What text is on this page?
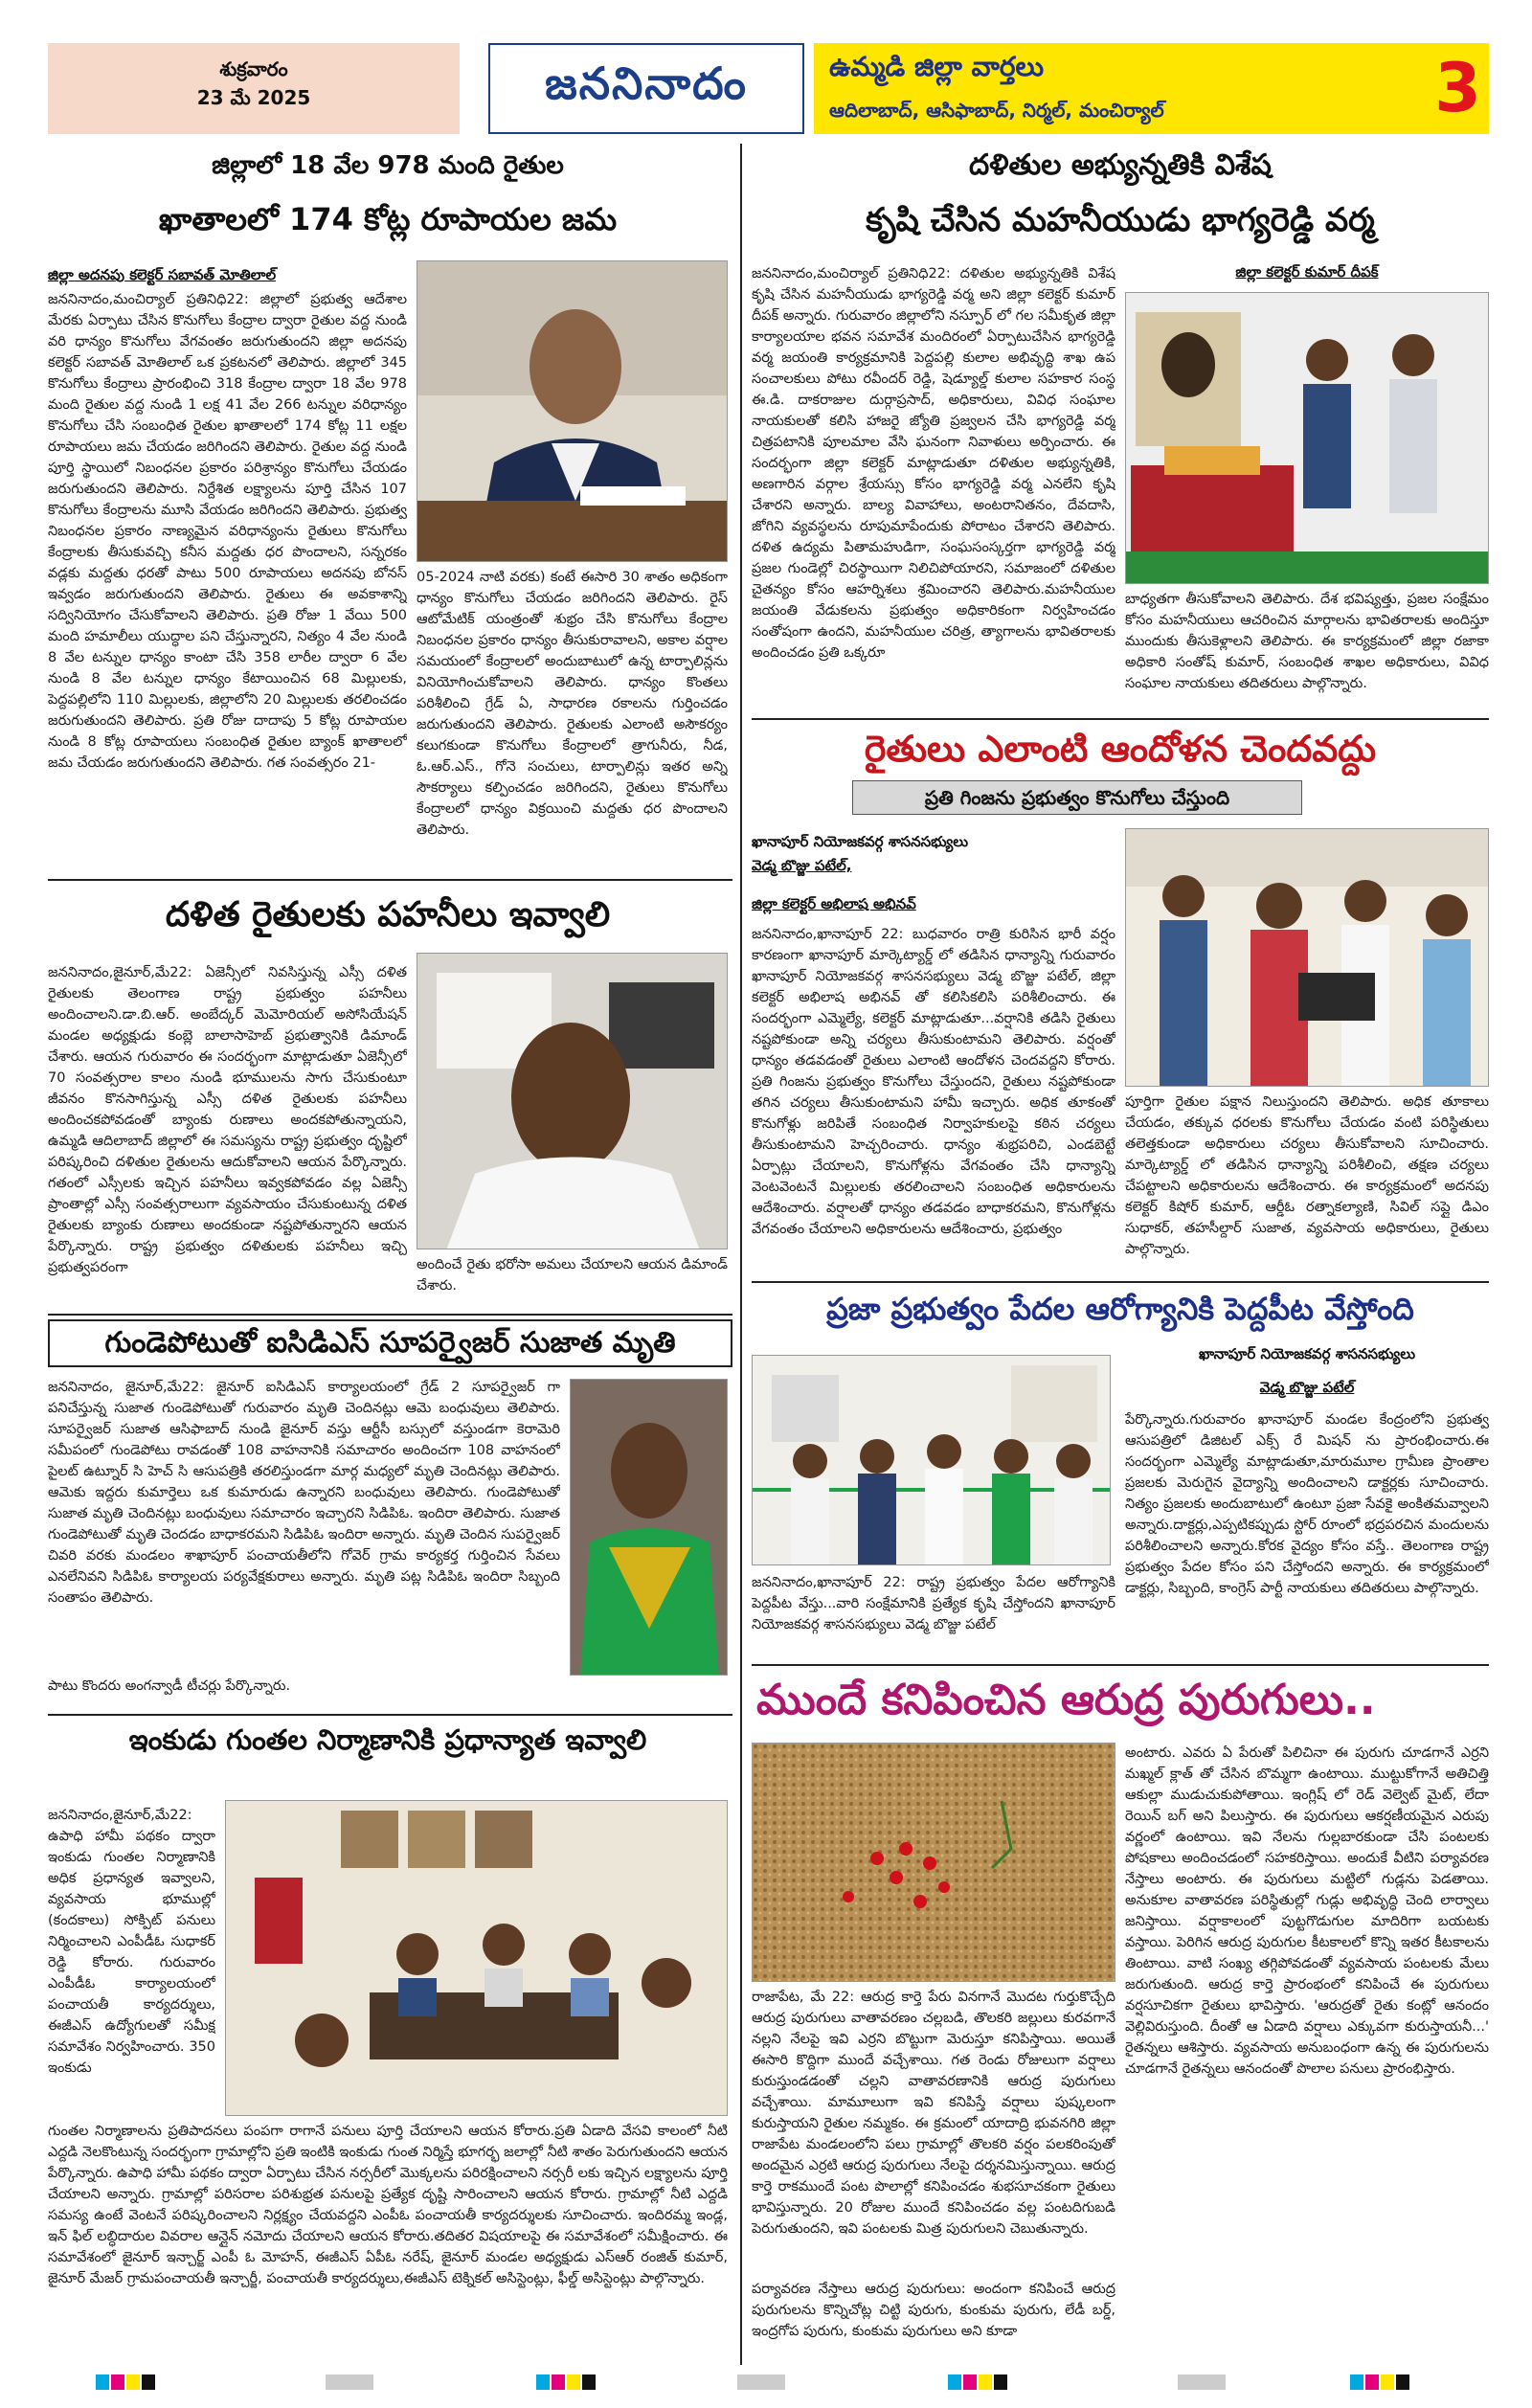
శుక్రవారం
23 మే 2025	జననినాదం	ఉమ్మడి జిల్లా వార్తలు
ఆదిలాబాద్, ఆసిఫాబాద్, నిర్మల్, మంచిర్యాల్	3
జిల్లాలో 18 వేల 978 మంది రైతుల
ఖాతాలలో 174 కోట్ల రూపాయల జమ
జిల్లా అదనపు కలెక్టర్ సబావత్ మోతిలాల్
జననినాదం,మంచిర్యాల్ ప్రతినిధి22: జిల్లాలో ప్రభుత్వ ఆదేశాల మేరకు ఏర్పాటు చేసిన కొనుగోలు కేంద్రాల ద్వారా రైతుల వద్ద నుండి వరి ధాన్యం కొనుగోలు వేగవంతం జరుగుతుందని జిల్లా అదనపు కలెక్టర్ సబావత్ మోతిలాల్ ఒక ప్రకటనలో తెలిపారు. జిల్లాలో 345 కొనుగోలు కేంద్రాలు ప్రారంభించి 318 కేంద్రాల ద్వారా 18 వేల 978 మంది రైతుల వద్ద నుండి 1 లక్ష 41 వేల 266 టన్నుల వరిధాన్యం కొనుగోలు చేసి సంబంధిత రైతుల ఖాతాలలో 174 కోట్ల 11 లక్షల రూపాయలు జమ చేయడం జరిగిందని తెలిపారు. రైతుల వద్ద నుండి పూర్తి స్థాయిలో నిబంధనల ప్రకారం పరిశ్రాన్యం కొనుగోలు చేయడం జరుగుతుందని తెలిపారు. నిర్దేశిత లక్ష్యాలను పూర్తి చేసిన 107 కొనుగోలు కేంద్రాలను మూసి వేయడం జరిగిందని తెలిపారు. ప్రభుత్వ నిబంధనల ప్రకారం నాణ్యమైన వరిధాన్యంను రైతులు కొనుగోలు కేంద్రాలకు తీసుకువచ్చి కనీస మద్దతు ధర పొందాలని, సన్నరకం వడ్లకు మద్దతు ధరతో పాటు 500 రూపాయలు అదనపు బోనస్ ఇవ్వడం జరుగుతుందని తెలిపారు. రైతులు ఈ అవకాశాన్ని సద్వినియోగం చేసుకోవాలని తెలిపారు. ప్రతి రోజు 1 వేయి 500 మంది హమాలీలు యుద్ధాల పని చేస్తున్నారని, నిత్యం 4 వేల నుండి 8 వేల టన్నుల ధాన్యం కాంటా చేసి 358 లారీల ద్వారా 6 వేల నుండి 8 వేల టన్నుల ధాన్యం కేటాయించిన 68 మిల్లులకు, పెద్దపల్లిలోని 110 మిల్లులకు, జిల్లాలోని 20 మిల్లులకు తరలించడం జరుగుతుందని తెలిపారు. ప్రతి రోజు దాదాపు 5 కోట్ల రూపాయల నుండి 8 కోట్ల రూపాయలు సంబంధిత రైతుల బ్యాంక్ ఖాతాలలో జమ చేయడం జరుగుతుందని తెలిపారు. గత సంవత్సరం 21-
05-2024 నాటి వరకు) కంటే ఈసారి 30 శాతం అధికంగా ధాన్యం కొనుగోలు చేయడం జరిగిందని తెలిపారు. రైస్ ఆటోమేటిక్ యంత్రంతో శుభ్రం చేసి కొనుగోలు కేంద్రాల నిబంధనల ప్రకారం ధాన్యం తీసుకురావాలని, అకాల వర్షాల సమయంలో కేంద్రాలలో అందుబాటులో ఉన్న టార్పాలిన్లను వినియోగించుకోవాలని తెలిపారు. ధాన్యం కొంతలు పరిశీలించి గ్రేడ్ ఏ, సాధారణ రకాలను గుర్తించడం జరుగుతుందని తెలిపారు. రైతులకు ఎలాంటి అసౌకర్యం కలుగకుండా కొనుగోలు కేంద్రాలలో త్రాగునీరు, నీడ, ఓ.ఆర్.ఎస్., గోనె సంచులు, టార్పాలిన్లు ఇతర అన్ని సౌకర్యాలు కల్పించడం జరిగిందని, రైతులు కొనుగోలు కేంద్రాలలో ధాన్యం విక్రయించి మద్దతు ధర పొందాలని తెలిపారు.
దళిత రైతులకు పహనీలు ఇవ్వాలి
జననినాదం,జైనూర్,మే22: ఏజెన్సీలో నివసిస్తున్న ఎస్సీ దళిత రైతులకు తెలంగాణ రాష్ట్ర ప్రభుత్వం పహనీలు అందించాలని.డా.బి.ఆర్. అంబేద్కర్ మెమోరియల్ అసోసియేషన్ మండల అధ్యక్షుడు కంబ్లె బాలాసాహెబ్ ప్రభుత్వానికి డిమాండ్ చేశారు. ఆయన గురువారం ఈ సందర్భంగా మాట్లాడుతూ ఏజెన్సీలో 70 సంవత్సరాల కాలం నుండి భూములను సాగు చేసుకుంటూ జీవనం కొనసాగిస్తున్న ఎస్సీ దళిత రైతులకు పహనీలు అందించకపోవడంతో బ్యాంకు రుణాలు అందకపోతున్నాయని, ఉమ్మడి ఆదిలాబాద్ జిల్లాలో ఈ సమస్యను రాష్ట్ర ప్రభుత్వం దృష్టిలో పరిష్కరించి దళితుల రైతులను ఆదుకోవాలని ఆయన పేర్కొన్నారు. గతంలో ఎస్సీలకు ఇచ్చిన పహనీలు ఇవ్వకపోవడం వల్ల ఏజెన్సీ ప్రాంతాల్లో ఎస్సీ సంవత్సరాలుగా వ్యవసాయం చేసుకుంటున్న దళిత రైతులకు బ్యాంకు రుణాలు అందకుండా నష్టపోతున్నారని ఆయన పేర్కొన్నారు. రాష్ట్ర ప్రభుత్వం దళితులకు పహనీలు ఇచ్చి ప్రభుత్వపరంగా	అందించే రైతు భరోసా అమలు చేయాలని ఆయన డిమాండ్ చేశారు.
గుండెపోటుతో ఐసిడిఎస్ సూపర్వైజర్ సుజాత మృతి
జననినాదం, జైనూర్,మే22: జైనూర్ ఐసిడిఎస్ కార్యాలయంలో గ్రేడ్ 2 సూపర్వైజర్ గా పనిచేస్తున్న సుజాత గుండెపోటుతో గురువారం మృతి చెందినట్లు ఆమె బంధువులు తెలిపారు. సూపర్వైజర్ సుజాత ఆసిఫాబాద్ నుండి జైనూర్ వస్తు ఆర్టీసీ బస్సులో వస్తుండగా కెరామెరి సమీపంలో గుండెపోటు రావడంతో 108 వాహనానికి సమాచారం అందించగా 108 వాహనంలో పైలట్ ఉట్నూర్ సి హెచ్ సి ఆసుపత్రికి తరలిస్తుండగా మార్గ మధ్యలో మృతి చెందినట్లు తెలిపారు. ఆమెకు ఇద్దరు కుమార్తెలు ఒక కుమారుడు ఉన్నారని బంధువులు తెలిపారు. గుండెపోటుతో సుజాత మృతి చెందినట్లు బంధువులు సమాచారం ఇచ్చారని సిడిపిఓ. ఇందిరా తెలిపారు. సుజాత గుండెపోటుతో మృతి చెందడం బాధాకరమని సిడిపిఓ ఇందిరా అన్నారు. మృతి చెందిన సుపర్వైజర్ చివరి వరకు మండలం శాఖాపూర్ పంచాయతీలోని గోవెర్ గ్రామ కార్యకర్త గుర్తించిన సేవలు ఎనలేనివని సిడిపిఓ కార్యాలయ పర్యవేక్షకురాలు అన్నారు. మృతి పట్ల సిడిపిఓ ఇందిరా సిబ్బంది సంతాపం తెలిపారు.
పాటు కొందరు అంగన్వాడీ టీచర్లు పేర్కొన్నారు.
ఇంకుడు గుంతల నిర్మాణానికి ప్రధాన్యాత ఇవ్వాలి
జననినాదం,జైనూర్,మే22: ఉపాధి హామీ పథకం ద్వారా ఇంకుడు గుంతల నిర్మాణానికి అధిక ప్రధాన్యత ఇవ్వాలని, వ్యవసాయ భూముల్లో (కందకాలు) సోక్పిట్ పనులు నిర్మించాలని ఎంపీడీఓ సుధాకర్ రెడ్డి కోరారు. గురువారం ఎంపీడీఓ కార్యాలయంలో పంచాయతీ కార్యదర్శులు, ఈజీఎస్ ఉద్యోగులతో సమీక్ష సమావేశం నిర్వహించారు. 350 ఇంకుడు
గుంతల నిర్మాణాలను ప్రతిపాదనలు పంపగా రాగానే పనులు పూర్తి చేయాలని ఆయన కోరారు.ప్రతి ఏడాది వేసవి కాలంలో నీటి ఎద్దడి నెలకొంటున్న సందర్భంగా గ్రామాల్లోని ప్రతి ఇంటికి ఇంకుడు గుంత నిర్మిస్తే భూగర్భ జలాల్లో నీటి శాతం పెరుగుతుందని ఆయన పేర్కొన్నారు. ఉపాధి హామీ పథకం ద్వారా ఏర్పాటు చేసిన నర్సరీలో మొక్కలను పరిరక్షించాలని నర్సరీ లకు ఇచ్చిన లక్ష్యాలను పూర్తి చేయాలని అన్నారు. గ్రామాల్లో పరిసరాల పరిశుభ్రత పనులపై ప్రత్యేక దృష్టి సారించాలని ఆయన కోరారు. గ్రామాల్లో నీటి ఎద్దడి సమస్య ఉంటే వెంటనే పరిష్కరించాలని నిర్లక్ష్యం చేయవద్దని ఎంపీఓ పంచాయతీ కార్యదర్శులకు సూచించారు. ఇందిరమ్మ ఇండ్ల, ఇన్ ఫిల్ లబ్ధిదారుల వివరాల ఆన్లైన్ నమోదు చేయాలని ఆయన కోరారు.తదితర విషయాలపై ఈ సమావేశంలో సమీక్షించారు. ఈ సమావేశంలో జైనూర్ ఇన్చార్జ్ ఎంపీ ఓ మోహన్, ఈజీఎస్ ఏపీఓ నరేష్, జైనూర్ మండల అధ్యక్షుడు ఎస్ఆర్ రంజిత్ కుమార్, జైనూర్ మేజర్ గ్రామపంచాయతీ ఇన్చార్జీ, పంచాయతీ కార్యదర్శులు,ఈజీఎస్ టెక్నికల్ అసిస్టెంట్లు, ఫీల్డ్ అసిస్టెంట్లు పాల్గొన్నారు.
దళితుల అభ్యున్నతికి విశేష
కృషి చేసిన మహనీయుడు భాగ్యరెడ్డి వర్మ
జననినాదం,మంచిర్యాల్ ప్రతినిధి22: దళితుల అభ్యున్నతికి విశేష కృషి చేసిన మహనీయుడు భాగ్యరెడ్డి వర్మ అని జిల్లా కలెక్టర్ కుమార్ దీపక్ అన్నారు. గురువారం జిల్లాలోని నస్పూర్ లో గల సమీకృత జిల్లా కార్యాలయాల భవన సమావేశ మందిరంలో ఏర్పాటుచేసిన భాగ్యరెడ్డి వర్మ జయంతి కార్యక్రమానికి పెద్దపల్లి కులాల అభివృద్ధి శాఖ ఉప సంచాలకులు పోటు రవీందర్ రెడ్డి, షెడ్యూల్డ్ కులాల సహకార సంస్థ ఈ.డి. దాకరాజుల దుర్గాప్రసాద్, అధికారులు, వివిధ సంఘాల నాయకులతో కలిసి హాజరై జ్యోతి ప్రజ్వలన చేసి భాగ్యరెడ్డి వర్మ చిత్రపటానికి పూలమాల వేసి ఘనంగా నివాళులు అర్పించారు. ఈ సందర్భంగా జిల్లా కలెక్టర్ మాట్లాడుతూ దళితుల అభ్యున్నతికి, అణగారిన వర్గాల శ్రేయస్సు కోసం భాగ్యరెడ్డి వర్మ ఎనలేని కృషి చేశారని అన్నారు. బాల్య వివాహాలు, అంటరానితనం, దేవదాసి, జోగిని వ్యవస్థలను రూపుమాపేందుకు పోరాటం చేశారని తెలిపారు. దళిత ఉద్యమ పితామహుడిగా, సంఘసంస్కర్తగా భాగ్యరెడ్డి వర్మ ప్రజల గుండెల్లో చిరస్థాయిగా నిలిచిపోయారని, సమాజంలో దళితుల చైతన్యం కోసం ఆహర్నిశలు శ్రమించారని తెలిపారు.మహనీయుల జయంతి వేడుకలను ప్రభుత్వం అధికారికంగా నిర్వహించడం సంతోషంగా ఉందని, మహనీయుల చరిత్ర, త్యాగాలను భావితరాలకు అందించడం ప్రతి ఒక్కరూ
జిల్లా కలెక్టర్ కుమార్ దీపక్
బాధ్యతగా తీసుకోవాలని తెలిపారు. దేశ భవిష్యత్తు, ప్రజల సంక్షేమం కోసం మహనీయులు ఆచరించిన మార్గాలను భావితరాలకు అందిస్తూ ముందుకు తీసుకెళ్లాలని తెలిపారు. ఈ కార్యక్రమంలో జిల్లా రజాకా అధికారి సంతోష్ కుమార్, సంబంధిత శాఖల అధికారులు, వివిధ సంఘాల నాయకులు తదితరులు పాల్గొన్నారు.
రైతులు ఎలాంటి ఆందోళన చెందవద్దు
ప్రతి గింజను ప్రభుత్వం కొనుగోలు చేస్తుంది
ఖానాపూర్ నియోజకవర్గ శాసనసభ్యులు
వెడ్మ బొజ్జు పటేల్,
జిల్లా కలెక్టర్ అభిలాష అభినవ్
జననినాదం,ఖానాపూర్ 22: బుధవారం రాత్రి కురిసిన భారీ వర్షం కారణంగా ఖానాపూర్ మార్కెట్యార్డ్ లో తడిసిన ధాన్యాన్ని గురువారం ఖానాపూర్ నియోజకవర్గ శాసనసభ్యులు వెడ్మ బొజ్జు పటేల్, జిల్లా కలెక్టర్ అభిలాష అభినవ్ తో కలిసికలిసి పరిశీలించారు. ఈ సందర్భంగా ఎమ్మెల్యే, కలెక్టర్ మాట్లాడుతూ...వర్షానికి తడిసి రైతులు నష్టపోకుండా అన్ని చర్యలు తీసుకుంటామని తెలిపారు. వర్షంతో ధాన్యం తడవడంతో రైతులు ఎలాంటి ఆందోళన చెందవద్దని కోరారు. ప్రతి గింజను ప్రభుత్వం కొనుగోలు చేస్తుందని, రైతులు నష్టపోకుండా తగిన చర్యలు తీసుకుంటామని హామీ ఇచ్చారు. అధిక తూకంతో కొనుగోళ్లు జరిపితే సంబంధిత నిర్వాహకులపై కఠిన చర్యలు తీసుకుంటామని హెచ్చరించారు. ధాన్యం శుభ్రపరిచి, ఎండబెట్టే ఏర్పాట్లు చేయాలని, కొనుగోళ్లను వేగవంతం చేసి ధాన్యాన్ని వెంటవెంటనే మిల్లులకు తరలించాలని సంబంధిత అధికారులను ఆదేశించారు. వర్షాలతో ధాన్యం తడవడం బాధాకరమని, కొనుగోళ్లను వేగవంతం చేయాలని అధికారులను ఆదేశించారు, ప్రభుత్వం
పూర్తిగా రైతుల పక్షాన నిలుస్తుందని తెలిపారు. అధిక తూకాలు చేయడం, తక్కువ ధరలకు కొనుగోలు చేయడం వంటి పరిస్థితులు తలెత్తకుండా అధికారులు చర్యలు తీసుకోవాలని సూచించారు. మార్కెట్యార్డ్ లో తడిసిన ధాన్యాన్ని పరిశీలించి, తక్షణ చర్యలు చేపట్టాలని అధికారులను ఆదేశించారు. ఈ కార్యక్రమంలో అదనపు కలెక్టర్ కిషోర్ కుమార్, ఆర్డీఓ రత్నాకల్యాణి, సివిల్ సప్లై డిఎం సుధాకర్, తహసీల్దార్ సుజాత, వ్యవసాయ అధికారులు, రైతులు పాల్గొన్నారు.
ప్రజా ప్రభుత్వం పేదల ఆరోగ్యానికి పెద్దపీట వేస్తోంది
ఖానాపూర్ నియోజకవర్గ శాసనసభ్యులు
వెడ్మ బొజ్జు పటేల్
పేర్కొన్నారు.గురువారం ఖానాపూర్ మండల కేంద్రంలోని ప్రభుత్వ ఆసుపత్రిలో డిజిటల్ ఎక్స్ రే మిషన్ ను ప్రారంభించారు.ఈ సందర్భంగా ఎమ్మెల్యే మాట్లాడుతూ,మారుమూల గ్రామీణ ప్రాంతాల ప్రజలకు మెరుగైన వైద్యాన్ని అందించాలని డాక్టర్లకు సూచించారు. నిత్యం ప్రజలకు అందుబాటులో ఉంటూ ప్రజా సేవకై అంకితమవ్వాలని అన్నారు.దాక్టర్లు,ఎప్పటికప్పుడు స్టోర్ రూంలో భద్రపరచిన మందులను పరిశీలించాలని అన్నారు.కోరక వైద్యం కోసం వస్తే.. తెలంగాణ రాష్ట్ర ప్రభుత్వం పేదల కోసం పని చేస్తోందని అన్నారు. ఈ కార్యక్రమంలో డాక్టర్లు, సిబ్బంది, కాంగ్రెస్ పార్టీ నాయకులు తదితరులు పాల్గొన్నారు.
జననినాదం,ఖానాపూర్ 22: రాష్ట్ర ప్రభుత్వం పేదల ఆరోగ్యానికి పెద్దపీట వేస్తు...వారి సంక్షేమానికి ప్రత్యేక కృషి చేస్తోందని ఖానాపూర్ నియోజకవర్గ శాసనసభ్యులు వెడ్మ బొజ్జు పటేల్
ముందే కనిపించిన ఆరుద్ర పురుగులు..
రాజాపేట, మే 22: ఆరుద్ర కార్తె పేరు వినగానే మొదట గుర్తుకొచ్చేది ఆరుద్ర పురుగులు వాతావరణం చల్లబడి, తొలకరి జల్లులు కురవగానే నల్లని నేలపై ఇవి ఎర్రని బొట్టుగా మెరుస్తూ కనిపిస్తాయి. అయితే ఈసారి కొద్దిగా ముందే వచ్చేశాయి. గత రెండు రోజులుగా వర్షాలు కురుస్తుండడంతో చల్లని వాతావరణానికి ఆరుద్ర పురుగులు వచ్చేశాయి. మామూలుగా ఇవి కనిపిస్తే వర్షాలు పుష్కలంగా కురుస్తాయని రైతుల నమ్మకం. ఈ క్రమంలో యాదాద్రి భువనగిరి జిల్లా రాజాపేట మండలంలోని పలు గ్రామాల్లో తొలకరి వర్షం పలకరింపుతో అందమైన ఎర్రటి ఆరుద్ర పురుగులు నేలపై దర్శనమిస్తున్నాయి. ఆరుద్ర కార్తె రాకముందే పంట పొలాల్లో కనిపించడం శుభసూచకంగా రైతులు భావిస్తున్నారు. 20 రోజుల ముందే కనిపించడం వల్ల పంటదిగుబడి పెరుగుతుందని, ఇవి పంటలకు మిత్ర పురుగులని చెబుతున్నారు.
పర్యావరణ నేస్తాలు ఆరుద్ర పురుగులు: అందంగా కనిపించే ఆరుద్ర పురుగులను కొన్నిచోట్ల చిట్టి పురుగు, కుంకుమ పురుగు, లేడీ బర్డ్, ఇంద్రగోప పురుగు, కుంకుమ పురుగులు అని కూడా
అంటారు. ఎవరు ఏ పేరుతో పిలిచినా ఈ పురుగు చూడగానే ఎర్రని మఖ్మల్ క్లాత్ తో చేసిన బొమ్మగా ఉంటాయి. ముట్టుకోగానే అతిచిత్తి ఆకుల్లా ముడుచుకుపోతాయి. ఇంగ్లిష్ లో రెడ్ వెల్వెట్ మైట్, లేదా రెయిన్ బగ్ అని పిలుస్తారు. ఈ పురుగులు ఆకర్షణీయమైన ఎరుపు వర్ణంలో ఉంటాయి. ఇవి నేలను గుల్లబారకుండా చేసి పంటలకు పోషకాలు అందించడంలో సహకరిస్తాయి. అందుకే వీటిని పర్యావరణ నేస్తాలు అంటారు. ఈ పురుగులు మట్టిలో గుడ్లను పెడతాయి. అనుకూల వాతావరణ పరిస్థితుల్లో గుడ్లు అభివృద్ధి చెంది లార్వాలు జనిస్తాయి. వర్షాకాలంలో పుట్టగొడుగుల మాదిరిగా బయటకు వస్తాయి. పెరిగిన ఆరుద్ర పురుగుల కీటకాలలో కొన్ని ఇతర కీటకాలను తింటాయి. వాటి సంఖ్య తగ్గిపోవడంతో వ్యవసాయ పంటలకు మేలు జరుగుతుంది. ఆరుద్ర కార్తె ప్రారంభంలో కనిపించే ఈ పురుగులు వర్షసూచికగా రైతులు భావిస్తారు. 'ఆరుద్రతో రైతు కంట్లో ఆనందం వెల్లివిరుస్తుంది. దీంతో ఆ ఏడాది వర్షాలు ఎక్కువగా కురుస్తాయనీ...' రైతన్నలు ఆశిస్తారు. వ్యవసాయ అనుబంధంగా ఉన్న ఈ పురుగులను చూడగానే రైతన్నలు ఆనందంతో పొలాల పనులు ప్రారంభిస్తారు.
